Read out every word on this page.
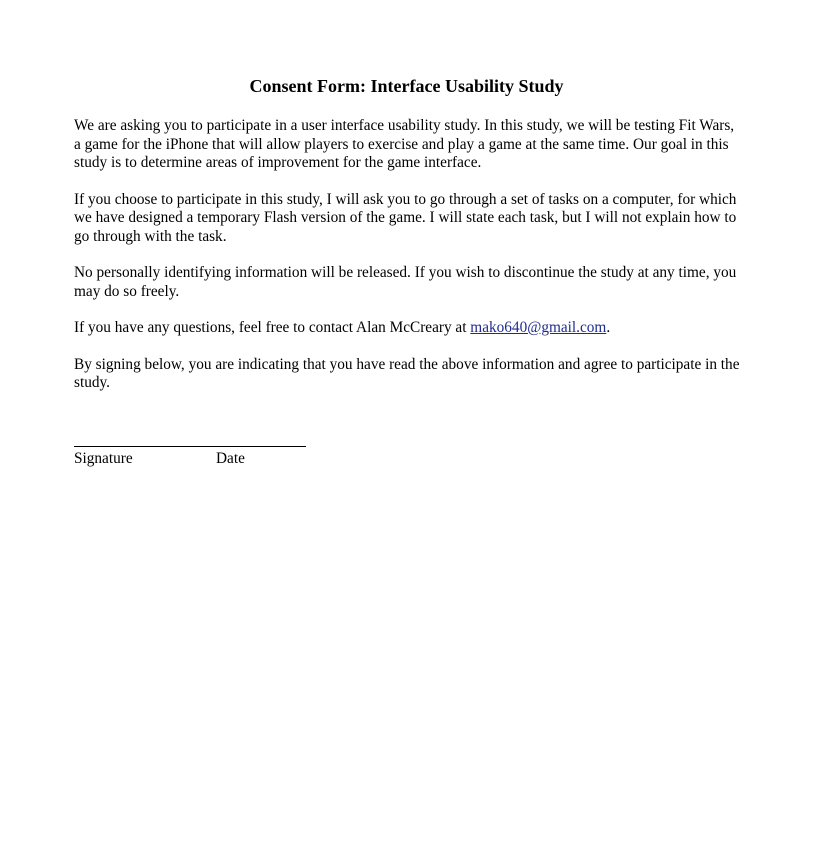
Consent Form: Interface Usability Study

We are asking you to participate in a user interface usability study. In this study, we will be testing Fit Wars, a game for the iPhone that will allow players to exercise and play a game at the same time. Our goal in this study is to determine areas of improvement for the game interface.

If you choose to participate in this study, I will ask you to go through a set of tasks on a computer, for which we have designed a temporary Flash version of the game. I will state each task, but I will not explain how to go through with the task.

No personally identifying information will be released. If you wish to discontinue the study at any time, you may do so freely.

If you have any questions, feel free to contact Alan McCreary at mako640@gmail.com.

By signing below, you are indicating that you have read the above information and agree to participate in the study.

Signature	Date
